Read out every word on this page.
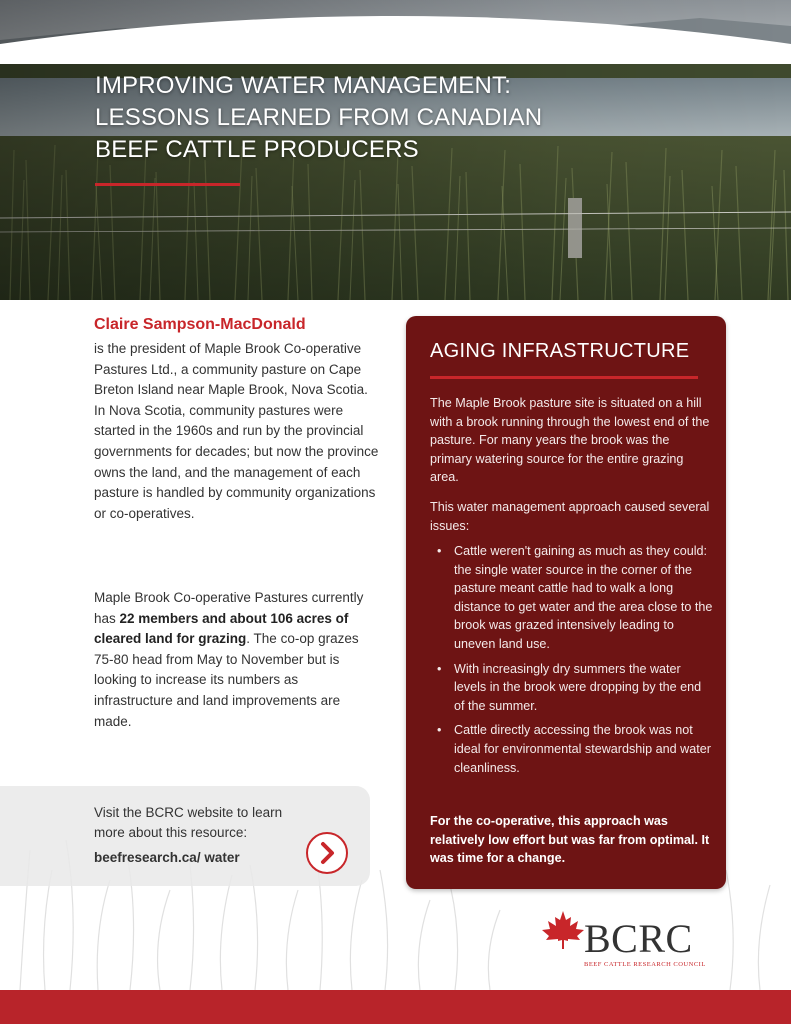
IMPROVING WATER MANAGEMENT:
LESSONS LEARNED FROM CANADIAN
BEEF CATTLE PRODUCERS
Claire Sampson-MacDonald

is the president of Maple Brook Co-operative Pastures Ltd., a community pasture on Cape Breton Island near Maple Brook, Nova Scotia. In Nova Scotia, community pastures were started in the 1960s and run by the provincial governments for decades; but now the province owns the land, and the management of each pasture is handled by community organizations or co-operatives.

Maple Brook Co-operative Pastures currently has 22 members and about 106 acres of cleared land for grazing. The co-op grazes 75-80 head from May to November but is looking to increase its numbers as infrastructure and land improvements are made.

Visit the BCRC website to learn more about this resource:

beefresearch.ca/ water
AGING INFRASTRUCTURE

The Maple Brook pasture site is situated on a hill with a brook running through the lowest end of the pasture. For many years the brook was the primary watering source for the entire grazing area.

This water management approach caused several issues:

• Cattle weren't gaining as much as they could: the single water source in the corner of the pasture meant cattle had to walk a long distance to get water and the area close to the brook was grazed intensively leading to uneven land use.
• With increasingly dry summers the water levels in the brook were dropping by the end of the summer.
• Cattle directly accessing the brook was not ideal for environmental stewardship and water cleanliness.

For the co-operative, this approach was relatively low effort but was far from optimal. It was time for a change.

BCRC
BEEF CATTLE RESEARCH COUNCIL
